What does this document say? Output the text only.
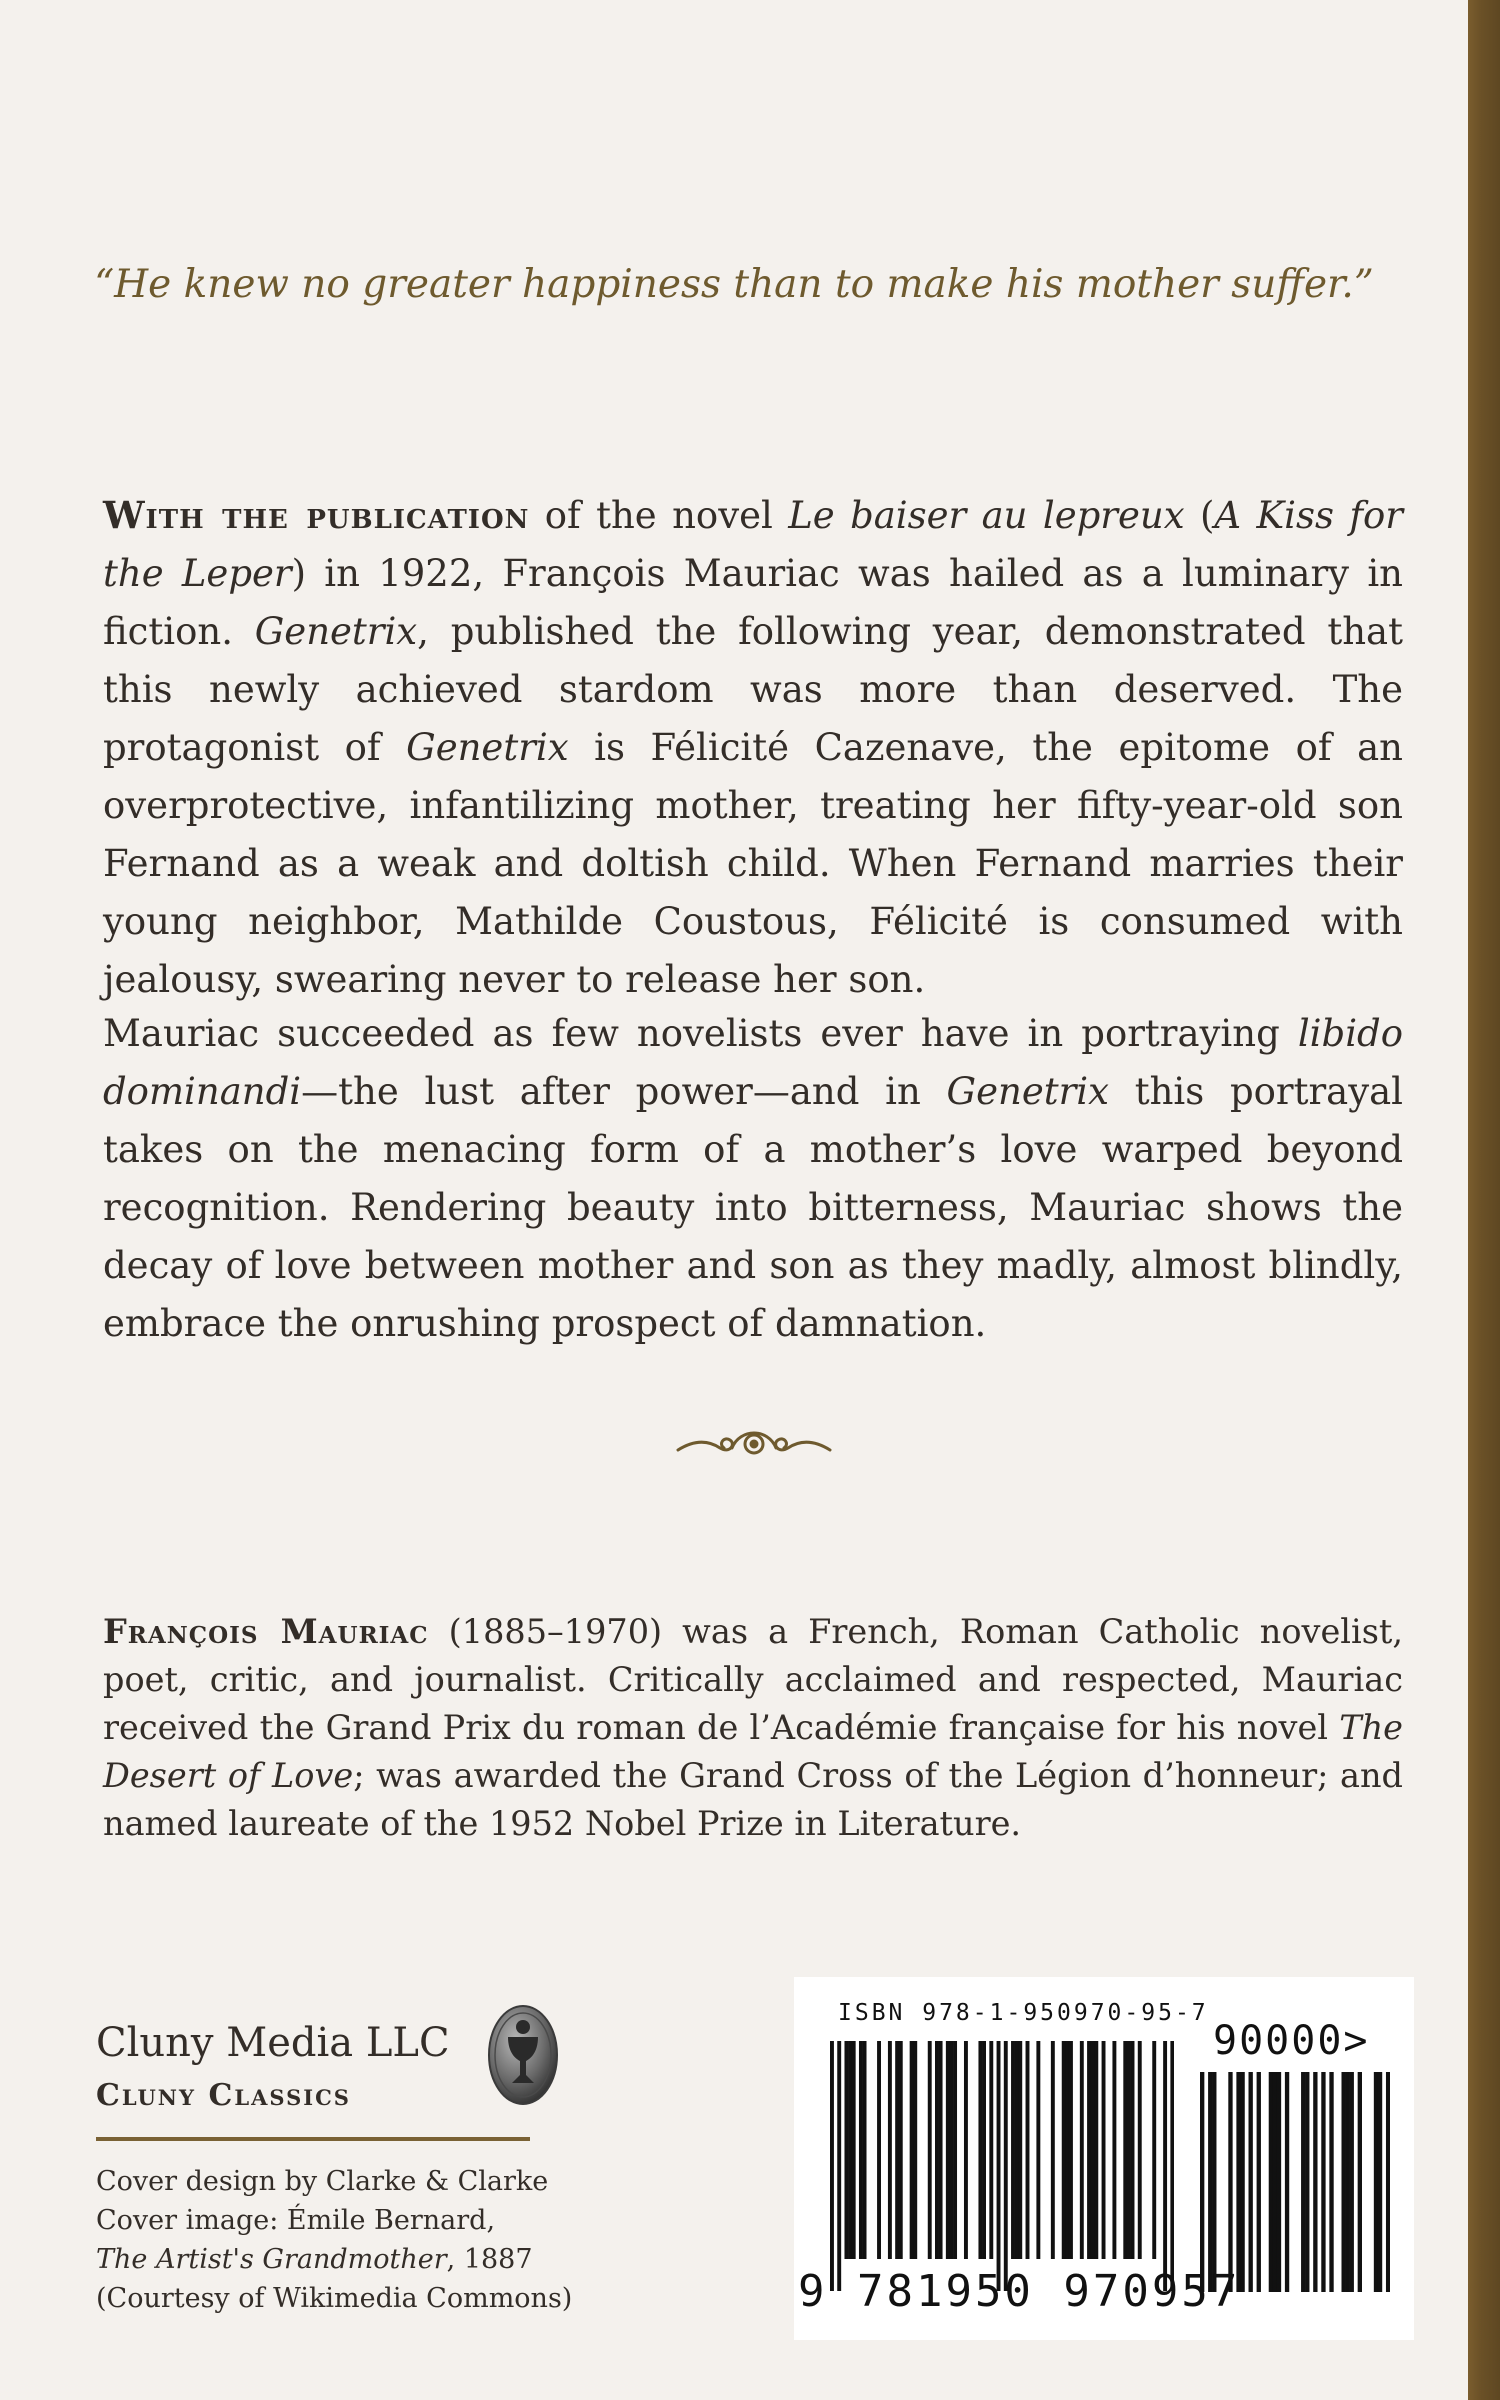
“He knew no greater happiness than to make his mother suffer.”

With the publication of the novel Le baiser au lepreux (A Kiss for the Leper) in 1922, François Mauriac was hailed as a luminary in fiction. Genetrix, published the following year, demonstrated that this newly achieved stardom was more than deserved. The protagonist of Genetrix is Félicité Cazenave, the epitome of an overprotective, infantilizing mother, treating her fifty-year-old son Fernand as a weak and doltish child. When Fernand marries their young neighbor, Mathilde Coustous, Félicité is consumed with jealousy, swearing never to release her son.

Mauriac succeeded as few novelists ever have in portraying libido dominandi—the lust after power—and in Genetrix this portrayal takes on the menacing form of a mother’s love warped beyond recognition. Rendering beauty into bitterness, Mauriac shows the decay of love between mother and son as they madly, almost blindly, embrace the onrushing prospect of damnation.

François Mauriac (1885–1970) was a French, Roman Catholic novelist, poet, critic, and journalist. Critically acclaimed and respected, Mauriac received the Grand Prix du roman de l’Académie française for his novel The Desert of Love; was awarded the Grand Cross of the Légion d’honneur; and named laureate of the 1952 Nobel Prize in Literature.

Cluny Media LLC
Cluny Classics
Cover design by Clarke & Clarke
Cover image: Émile Bernard,
The Artist's Grandmother, 1887
(Courtesy of Wikimedia Commons)
ISBN 978-1-950970-95-7
90000>
9 781950 970957
